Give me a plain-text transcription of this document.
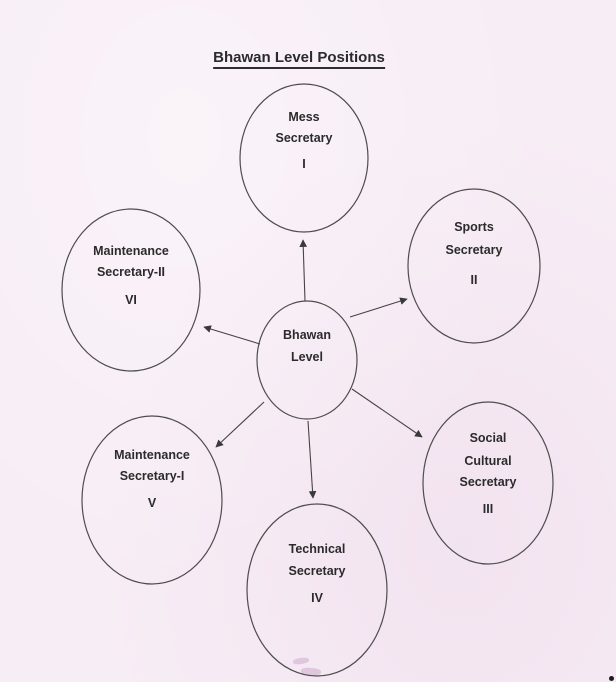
Bhawan Level Positions
Bhawan
Level
Mess
Secretary
I
Sports
Secretary
II
Social
Cultural
Secretary
III
Technical
Secretary
IV
Maintenance
Secretary-I
V
Maintenance
Secretary-II
VI
